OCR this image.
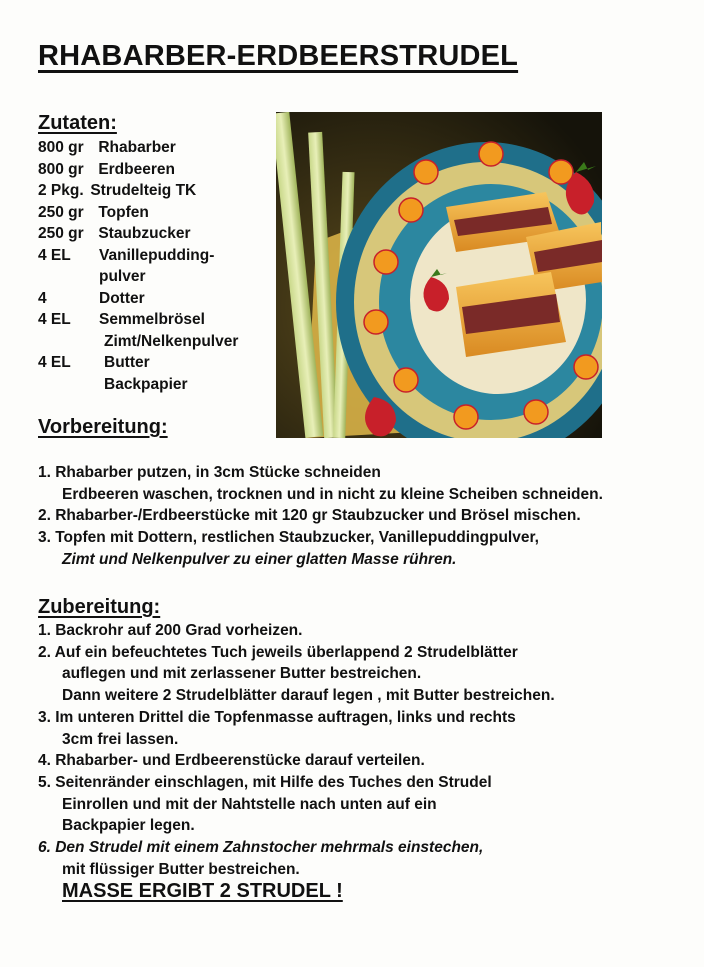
RHABARBER-ERDBEERSTRUDEL
Zutaten:
800 gr Rhabarber
800 gr Erdbeeren
2 Pkg. Strudelteig TK
250 gr Topfen
250 gr Staubzucker
4 EL Vanillepudding-
pulver
4	Dotter
4 EL Semmelbrösel
Zimt/Nelkenpulver
4 EL Butter
Backpapier
Vorbereitung:
1. Rhabarber putzen, in 3cm Stücke schneiden
Erdbeeren waschen, trocknen und in nicht zu kleine Scheiben schneiden.
2. Rhabarber-/Erdbeerstücke mit 120 gr Staubzucker und Brösel mischen.
3. Topfen mit Dottern, restlichen Staubzucker, Vanillepuddingpulver,
Zimt und Nelkenpulver zu einer glatten Masse rühren.
Zubereitung:
1. Backrohr auf 200 Grad vorheizen.
2. Auf ein befeuchtetes Tuch jeweils überlappend 2 Strudelblätter
auflegen und mit zerlassener Butter bestreichen.
Dann weitere 2 Strudelblätter darauf legen , mit Butter bestreichen.
3. Im unteren Drittel die Topfenmasse auftragen, links und rechts
3cm frei lassen.
4. Rhabarber- und Erdbeerenstücke darauf verteilen.
5. Seitenränder einschlagen, mit Hilfe des Tuches den Strudel
Einrollen und mit der Nahtstelle nach unten auf ein
Backpapier legen.
6. Den Strudel mit einem Zahnstocher mehrmals einstechen,
mit flüssiger Butter bestreichen.
MASSE ERGIBT 2 STRUDEL !
